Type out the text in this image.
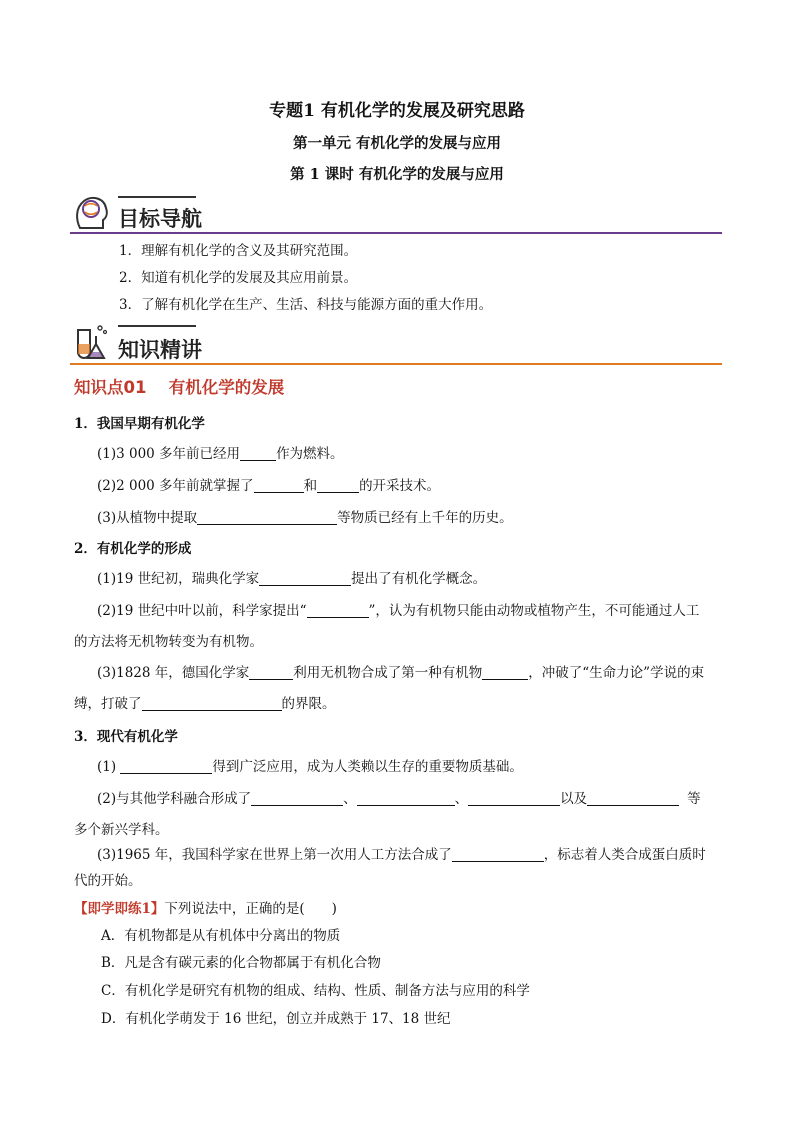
专题1 有机化学的发展及研究思路
第一单元 有机化学的发展与应用
第 1 课时 有机化学的发展与应用
目标导航
1．理解有机化学的含义及其研究范围。
2．知道有机化学的发展及其应用前景。
3．了解有机化学在生产、生活、科技与能源方面的重大作用。
知识精讲
知识点01　 有机化学的发展
1．我国早期有机化学
(1)3 000 多年前已经用	作为燃料。
(2)2 000 多年前就掌握了	和	的开采技术。
(3)从植物中提取	等物质已经有上千年的历史。
2．有机化学的形成
(1)19 世纪初，瑞典化学家	提出了有机化学概念。
(2)19 世纪中叶以前，科学家提出“	”，认为有机物只能由动物或植物产生，不可能通过人工
的方法将无机物转变为有机物。
(3)1828 年，德国化学家	利用无机物合成了第一种有机物	，冲破了“生命力论”学说的束
缚，打破了	的界限。
3．现代有机化学
(1)	得到广泛应用，成为人类赖以生存的重要物质基础。
(2)与其他学科融合形成了	、	、	以及	等
多个新兴学科。
(3)1965 年，我国科学家在世界上第一次用人工方法合成了	，标志着人类合成蛋白质时
代的开始。
【即学即练1】下列说法中，正确的是(　　)
A．有机物都是从有机体中分离出的物质
B．凡是含有碳元素的化合物都属于有机化合物
C．有机化学是研究有机物的组成、结构、性质、制备方法与应用的科学
D．有机化学萌发于 16 世纪，创立并成熟于 17、18 世纪
